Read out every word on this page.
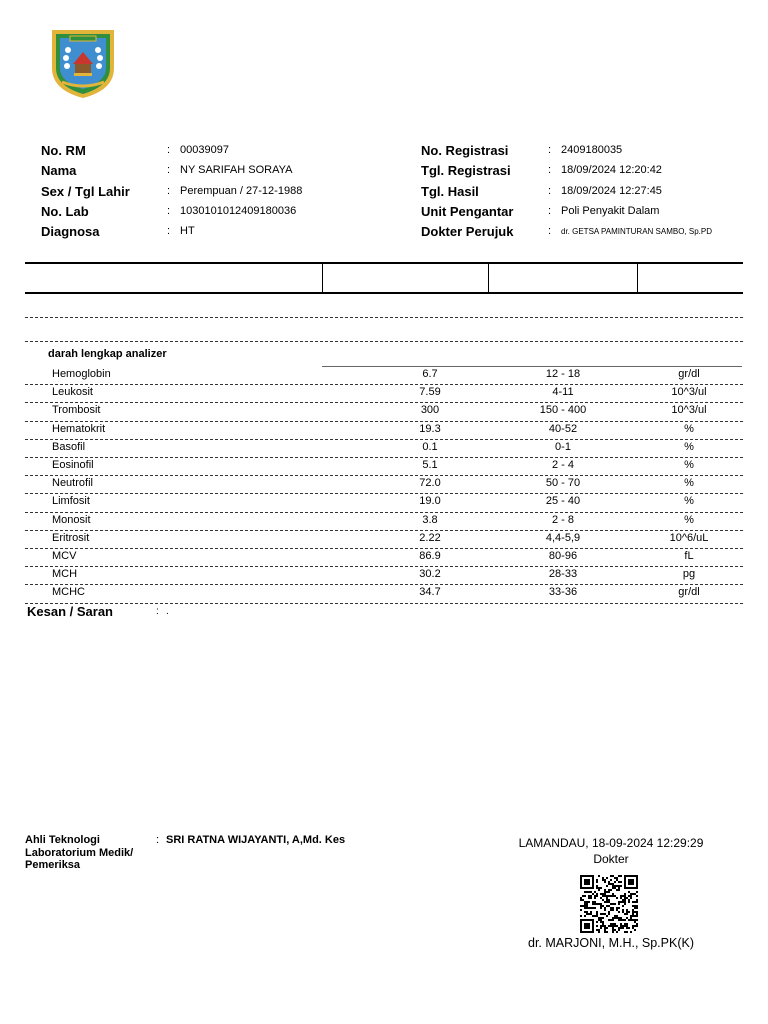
No. RM	: 00039097
Nama	: NY SARIFAH SORAYA
Sex / Tgl Lahir	: Perempuan / 27-12-1988
No. Lab	: 1030101012409180036
Diagnosa	: HT
No. Registrasi	: 2409180035
Tgl. Registrasi	: 18/09/2024 12:20:42
Tgl. Hasil	: 18/09/2024 12:27:45
Unit Pengantar	: Poli Penyakit Dalam
Dokter Perujuk	: dr. GETSA PAMINTURAN SAMBO, Sp.PD
darah lengkap analizer
Hemoglobin	6.7	12 - 18	gr/dl
Leukosit	7.59	4-11	10^3/ul
Trombosit	300	150 - 400	10^3/ul
Hematokrit	19.3	40-52	%
Basofil	0.1	0-1	%
Eosinofil	5.1	2 - 4	%
Neutrofil	72.0	50 - 70	%
Limfosit	19.0	25 - 40	%
Monosit	3.8	2 - 8	%
Eritrosit	2.22	4,4-5,9	10^6/uL
MCV	86.9	80-96	fL
MCH	30.2	28-33	pg
MCHC	34.7	33-36	gr/dl
Kesan / Saran	: .
Ahli Teknologi Laboratorium Medik/ Pemeriksa
: SRI RATNA WIJAYANTI, A,Md. Kes	LAMANDAU, 18-09-2024 12:29:29
Dokter
dr. MARJONI, M.H., Sp.PK(K)
